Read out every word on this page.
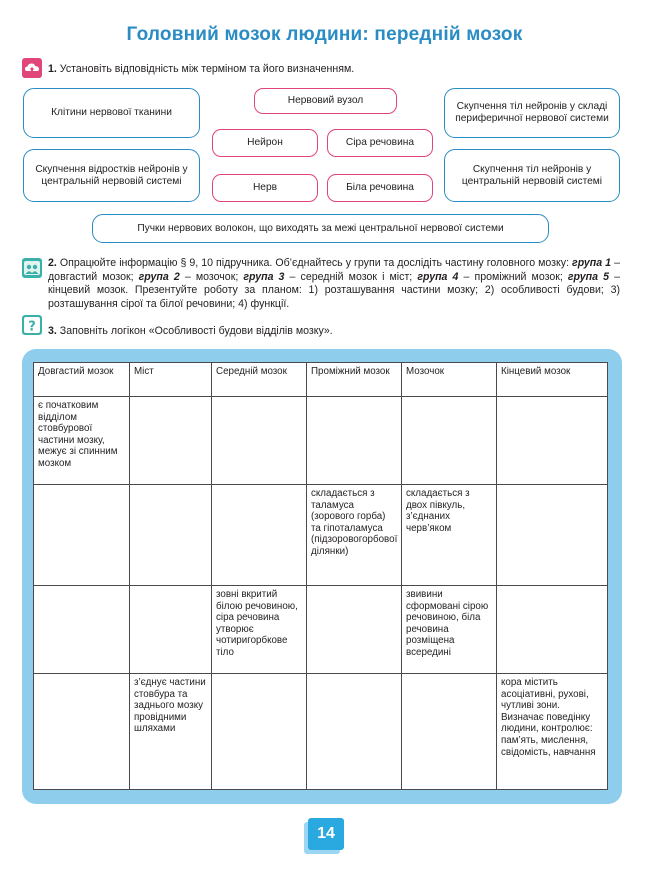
Головний мозок людини: передній мозок
1. Установіть відповідність між терміном та його визначенням.
Клітини нервової тканини
Скупчення тіл нейронів у складі периферичної нервової системи
Скупчення відростків нейронів у центральній нервовій системі
Скупчення тіл нейронів у центральній нервовій системі
Пучки нервових волокон, що виходять за межі центральної нервової системи
Нервовий вузол
Нейрон	Сіра речовина
Нерв	Біла речовина
2. Опрацюйте інформацію § 9, 10 підручника. Об’єднайтесь у групи та дослідіть частину головного мозку: група 1 – довгастий мозок; група 2 – мозочок; група 3 – середній мозок і міст; група 4 – проміжний мозок; група 5 – кінцевий мозок. Презентуйте роботу за планом: 1) розташування частини мозку; 2) особливості будови; 3) розташування сірої та білої речовини; 4) функції.
? 3. Заповніть логікон «Особливості будови відділів мозку».
Довгастий мозок	Міст	Середній мозок	Проміжний мозок	Мозочок	Кінцевий мозок
є початковим відділом стовбурової частини мозку, межує зі спинним мозком					
			складається з таламуса (зорового горба) та гіпоталамуса (підзоровогорбової ділянки)	складається з двох півкуль, з’єднаних черв’яком	
		зовні вкритий білою речовиною, сіра речовина утворює чотиригорбкове тіло		звивини сформовані сірою речовиною, біла речовина розміщена всередині	
	з’єднує частини стовбура та заднього мозку провідними шляхами				кора містить асоціативні, рухові, чутливі зони. Визначає поведінку людини, контролює: пам’ять, мислення, свідомість, навчання
14
